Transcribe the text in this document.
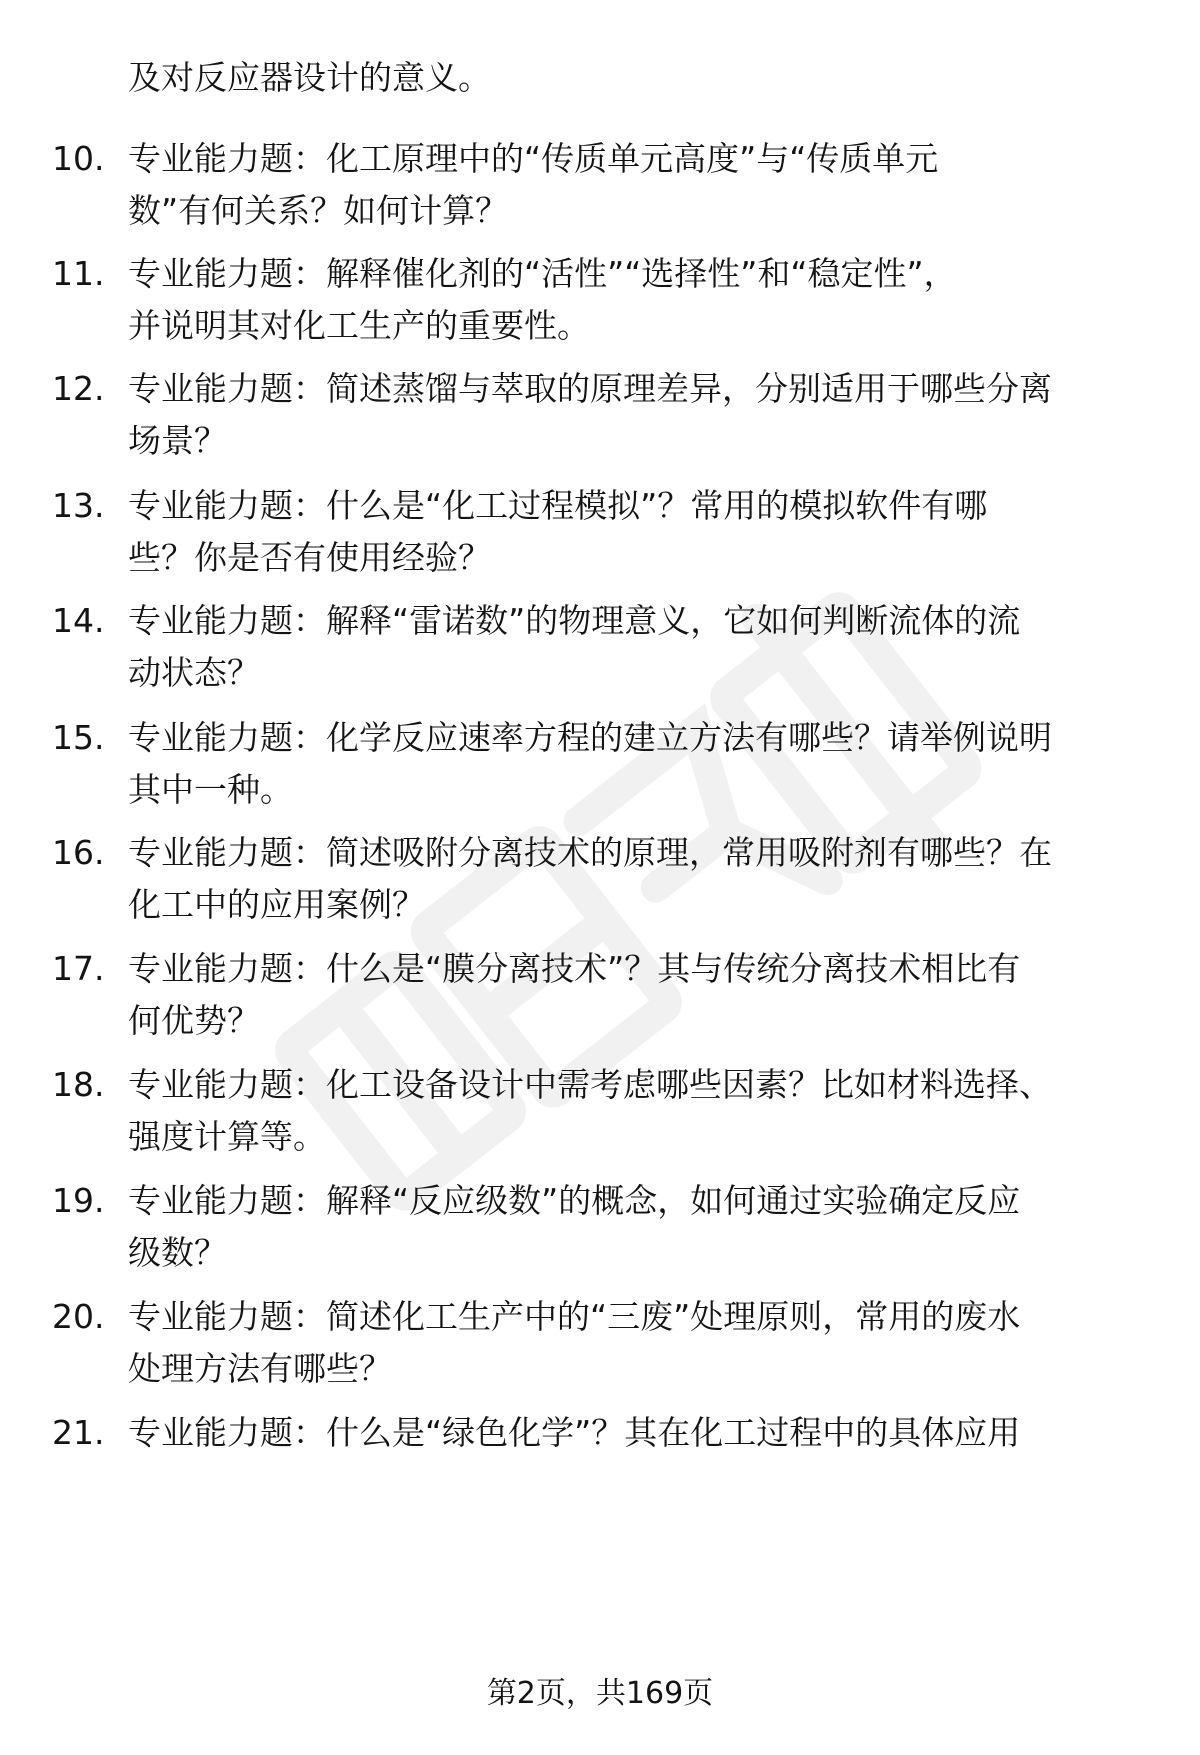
及对反应器设计的意义。
10. 专业能力题：化工原理中的“传质单元高度”与“传质单元
数”有何关系？如何计算？
11. 专业能力题：解释催化剂的“活性”“选择性”和“稳定性”，
并说明其对化工生产的重要性。
12. 专业能力题：简述蒸馏与萃取的原理差异，分别适用于哪些分离
场景？
13. 专业能力题：什么是“化工过程模拟”？常用的模拟软件有哪
些？你是否有使用经验？
14. 专业能力题：解释“雷诺数”的物理意义，它如何判断流体的流
动状态？
15. 专业能力题：化学反应速率方程的建立方法有哪些？请举例说明
其中一种。
16. 专业能力题：简述吸附分离技术的原理，常用吸附剂有哪些？在
化工中的应用案例？
17. 专业能力题：什么是“膜分离技术”？其与传统分离技术相比有
何优势？
18. 专业能力题：化工设备设计中需考虑哪些因素？比如材料选择、
强度计算等。
19. 专业能力题：解释“反应级数”的概念，如何通过实验确定反应
级数？
20. 专业能力题：简述化工生产中的“三废”处理原则，常用的废水
处理方法有哪些？
21. 专业能力题：什么是“绿色化学”？其在化工过程中的具体应用
第2页，共169页
